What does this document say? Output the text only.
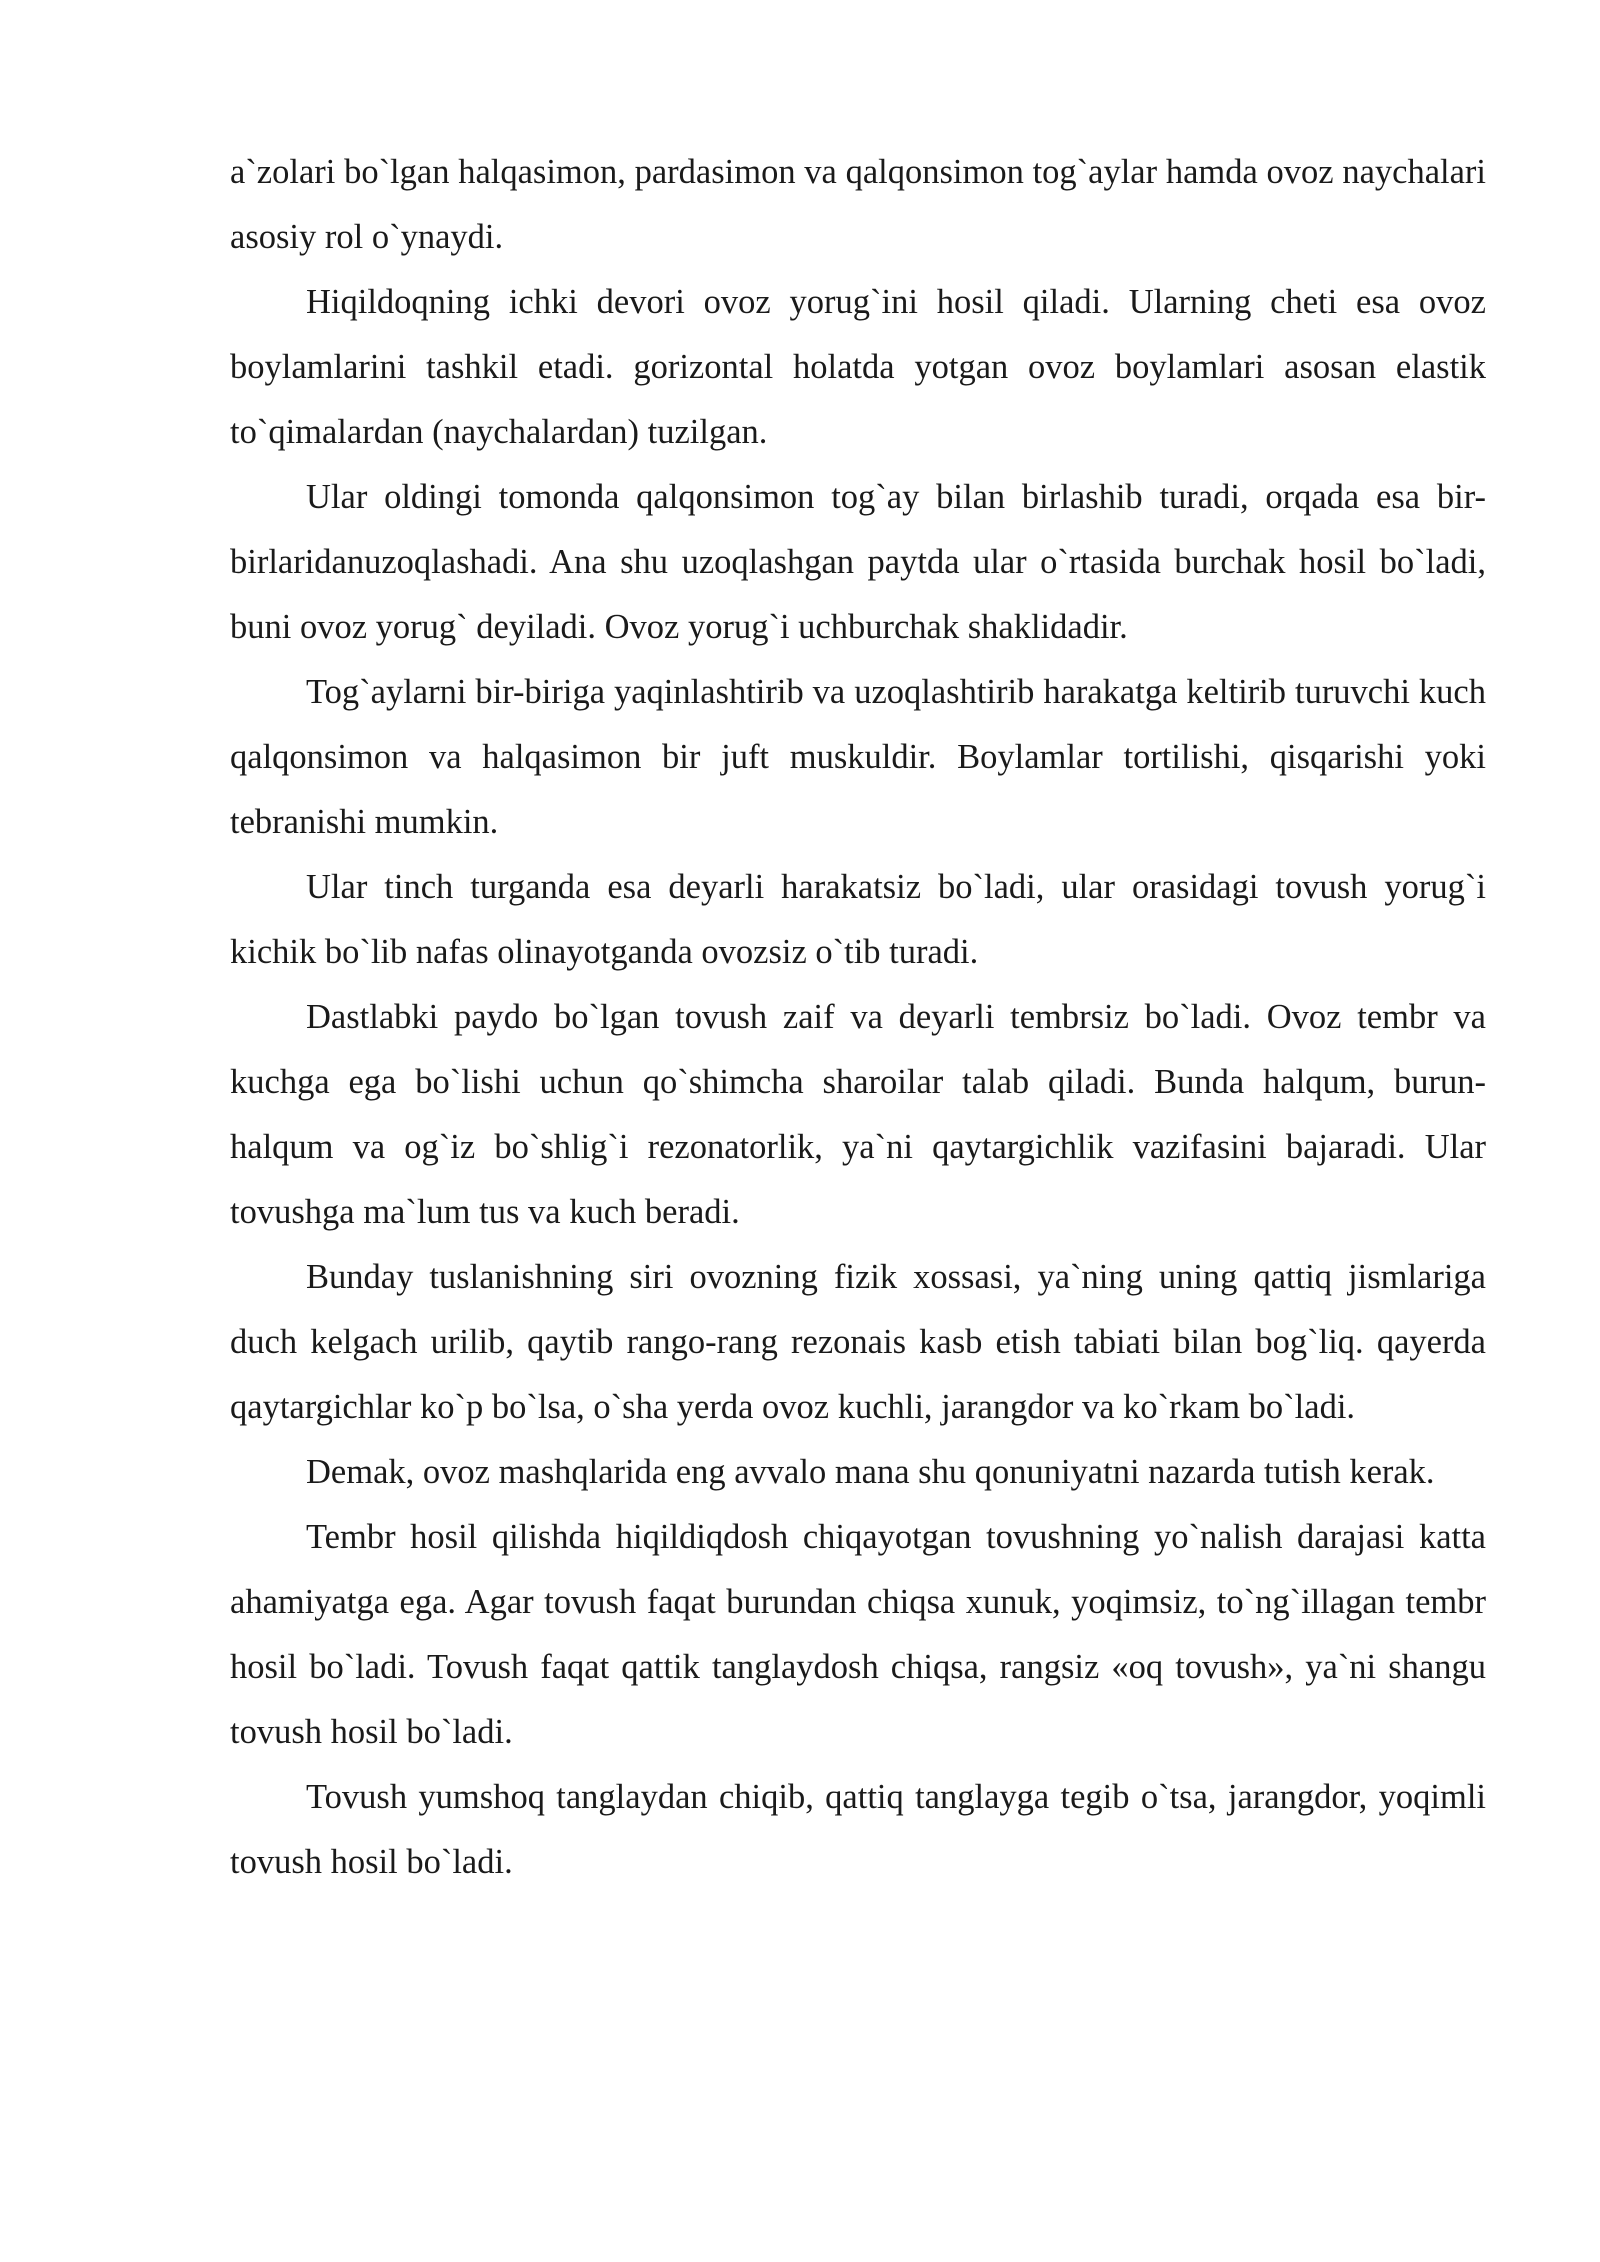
a`zolari bo`lgan halqasimon, pardasimon va qalqonsimon tog`aylar hamda ovoz naychalari asosiy rol o`ynaydi.

Hiqildoqning ichki devori ovoz yorug`ini hosil qiladi. Ularning cheti esa ovoz boylamlarini tashkil etadi. gorizontal holatda yotgan ovoz boylamlari asosan elastik to`qimalardan (naychalardan) tuzilgan.

Ular oldingi tomonda qalqonsimon tog`ay bilan birlashib turadi, orqada esa bir-birlaridanuzoqlashadi. Ana shu uzoqlashgan paytda ular o`rtasida burchak hosil bo`ladi, buni ovoz yorug` deyiladi. Ovoz yorug`i uchburchak shaklidadir.

Tog`aylarni bir-biriga yaqinlashtirib va uzoqlashtirib harakatga keltirib turuvchi kuch qalqonsimon va halqasimon bir juft muskuldir. Boylamlar tortilishi, qisqarishi yoki tebranishi mumkin.

Ular tinch turganda esa deyarli harakatsiz bo`ladi, ular orasidagi tovush yorug`i kichik bo`lib nafas olinayotganda ovozsiz o`tib turadi.

Dastlabki paydo bo`lgan tovush zaif va deyarli tembrsiz bo`ladi. Ovoz tembr va kuchga ega bo`lishi uchun qo`shimcha sharoilar talab qiladi. Bunda halqum, burun-halqum va og`iz bo`shlig`i rezonatorlik, ya`ni qaytargichlik vazifasini bajaradi. Ular tovushga ma`lum tus va kuch beradi.

Bunday tuslanishning siri ovozning fizik xossasi, ya`ning uning qattiq jismlariga duch kelgach urilib, qaytib rango-rang rezonais kasb etish tabiati bilan bog`liq. qayerda qaytargichlar ko`p bo`lsa, o`sha yerda ovoz kuchli, jarangdor va ko`rkam bo`ladi.

Demak, ovoz mashqlarida eng avvalo mana shu qonuniyatni nazarda tutish kerak.

Tembr hosil qilishda hiqildiqdosh chiqayotgan tovushning yo`nalish darajasi katta ahamiyatga ega. Agar tovush faqat burundan chiqsa xunuk, yoqimsiz, to`ng`illagan tembr hosil bo`ladi. Tovush faqat qattik tanglaydosh chiqsa, rangsiz «oq tovush», ya`ni shangu tovush hosil bo`ladi.

Tovush yumshoq tanglaydan chiqib, qattiq tanglayga tegib o`tsa, jarangdor, yoqimli tovush hosil bo`ladi.
